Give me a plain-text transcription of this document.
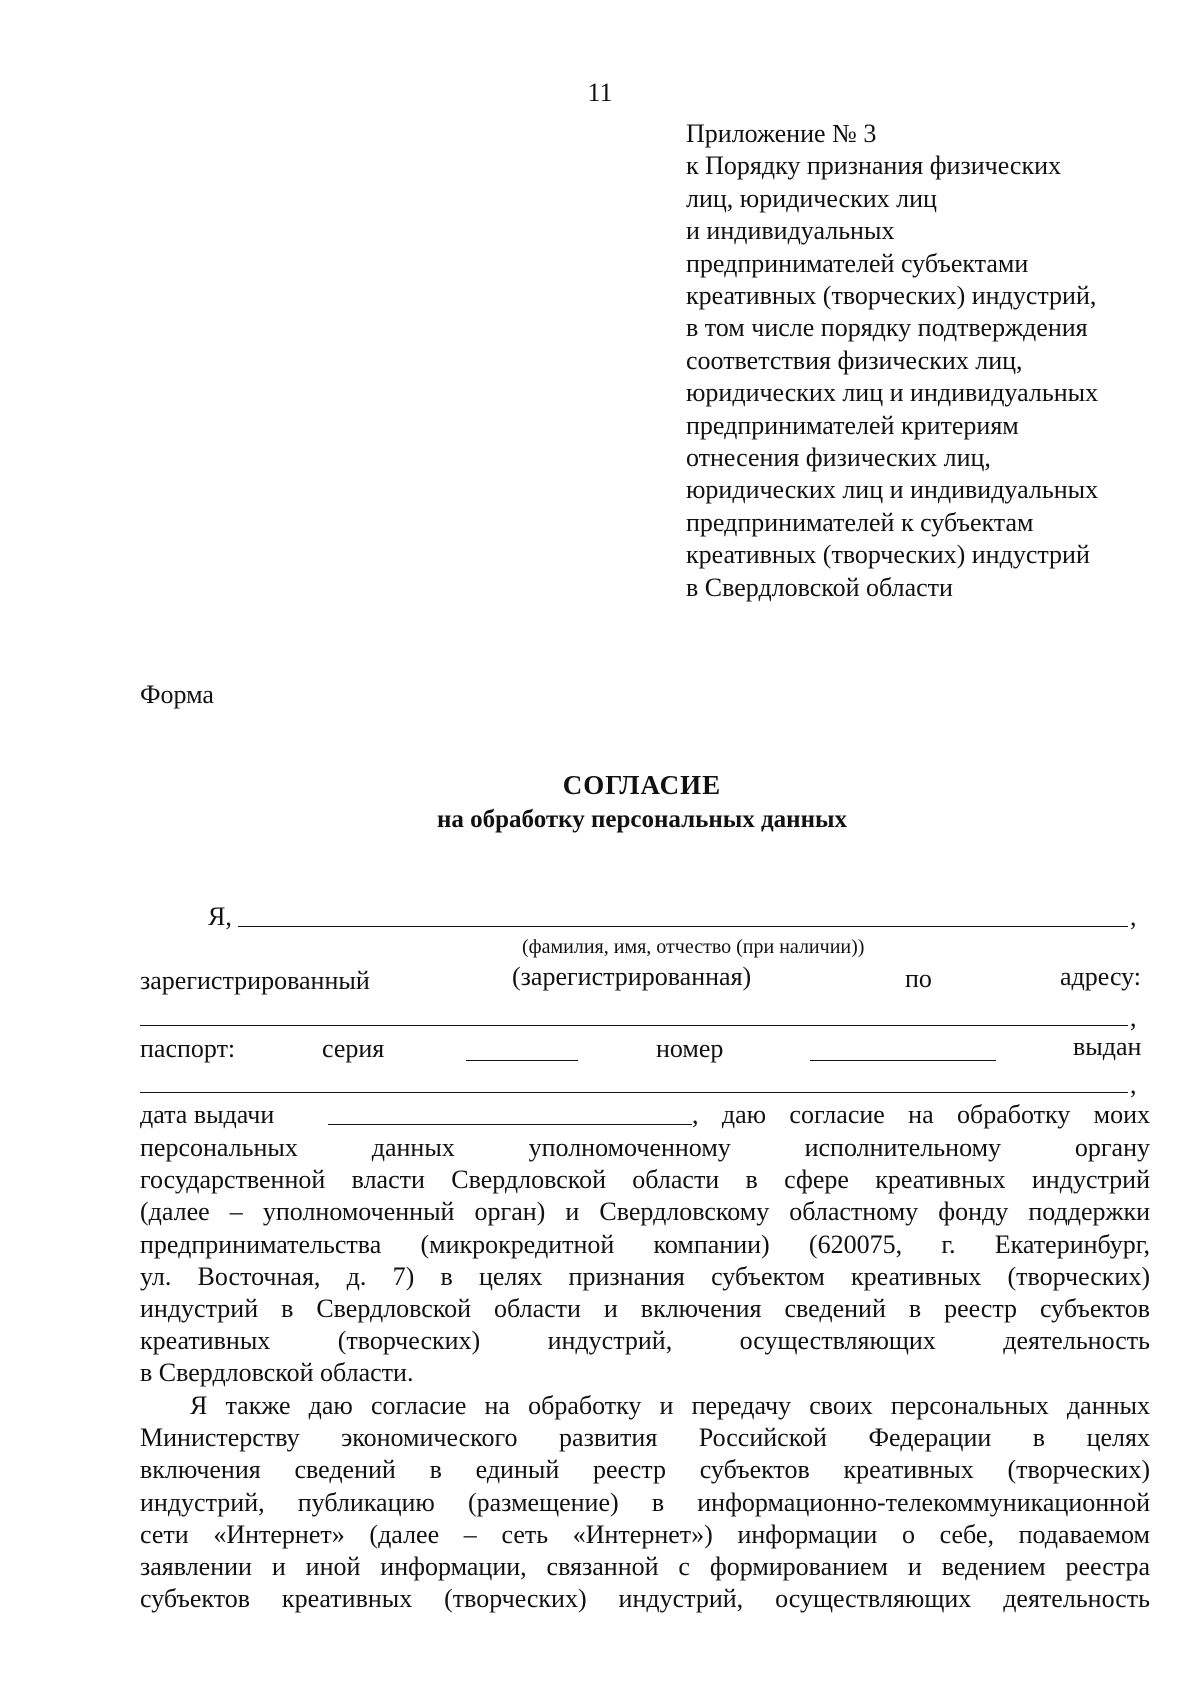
11
Приложение № 3
к Порядку признания физических
лиц, юридических лиц
и индивидуальных
предпринимателей субъектами
креативных (творческих) индустрий,
в том числе порядку подтверждения
соответствия физических лиц,
юридических лиц и индивидуальных
предпринимателей критериям
отнесения физических лиц,
юридических лиц и индивидуальных
предпринимателей к субъектам
креативных (творческих) индустрий
в Свердловской области
Форма
СОГЛАСИЕ
на обработку персональных данных
Я,	,
(фамилия, имя, отчество (при наличии))
зарегистрированный	(зарегистрированная)	по	адресу:
,
паспорт:	серия	номер	выдан
,
дата выдачи	, даю согласие на обработку моих
персональных данных уполномоченному исполнительному органу
государственной власти Свердловской области в сфере креативных индустрий
(далее – уполномоченный орган) и Свердловскому областному фонду поддержки
предпринимательства (микрокредитной компании) (620075, г. Екатеринбург,
ул. Восточная, д. 7) в целях признания субъектом креативных (творческих)
индустрий в Свердловской области и включения сведений в реестр субъектов
креативных (творческих) индустрий, осуществляющих деятельность
в Свердловской области.
Я также даю согласие на обработку и передачу своих персональных данных
Министерству экономического развития Российской Федерации в целях
включения сведений в единый реестр субъектов креативных (творческих)
индустрий, публикацию (размещение) в информационно-телекоммуникационной
сети «Интернет» (далее – сеть «Интернет») информации о себе, подаваемом
заявлении и иной информации, связанной с формированием и ведением реестра
субъектов креативных (творческих) индустрий, осуществляющих деятельность
